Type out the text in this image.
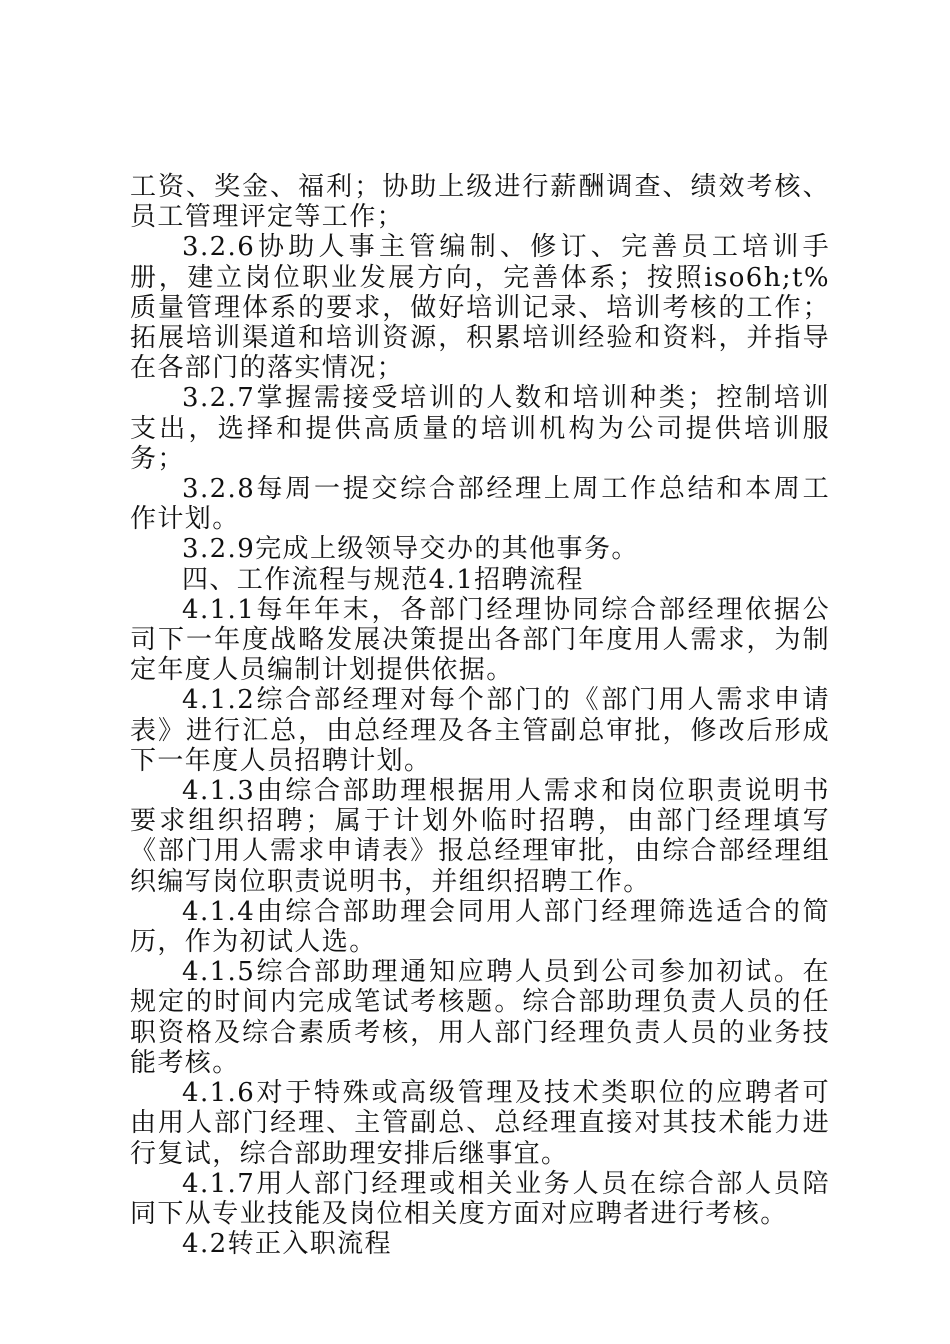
工资、奖金、福利；协助上级进行薪酬调查、绩效考核、员工管理评定等工作；

3.2.6协助人事主管编制、修订、完善员工培训手册，建立岗位职业发展方向，完善体系；按照iso6h;t%质量管理体系的要求，做好培训记录、培训考核的工作；拓展培训渠道和培训资源，积累培训经验和资料，并指导在各部门的落实情况；

3.2.7掌握需接受培训的人数和培训种类；控制培训支出，选择和提供高质量的培训机构为公司提供培训服务；

3.2.8每周一提交综合部经理上周工作总结和本周工作计划。

3.2.9完成上级领导交办的其他事务。

四、工作流程与规范4.1招聘流程

4.1.1每年年末，各部门经理协同综合部经理依据公司下一年度战略发展决策提出各部门年度用人需求，为制定年度人员编制计划提供依据。

4.1.2综合部经理对每个部门的《部门用人需求申请表》进行汇总，由总经理及各主管副总审批，修改后形成下一年度人员招聘计划。

4.1.3由综合部助理根据用人需求和岗位职责说明书要求组织招聘；属于计划外临时招聘，由部门经理填写《部门用人需求申请表》报总经理审批，由综合部经理组织编写岗位职责说明书，并组织招聘工作。

4.1.4由综合部助理会同用人部门经理筛选适合的简历，作为初试人选。

4.1.5综合部助理通知应聘人员到公司参加初试。在规定的时间内完成笔试考核题。综合部助理负责人员的任职资格及综合素质考核，用人部门经理负责人员的业务技能考核。

4.1.6对于特殊或高级管理及技术类职位的应聘者可由用人部门经理、主管副总、总经理直接对其技术能力进行复试，综合部助理安排后继事宜。

4.1.7用人部门经理或相关业务人员在综合部人员陪同下从专业技能及岗位相关度方面对应聘者进行考核。

4.2转正入职流程
